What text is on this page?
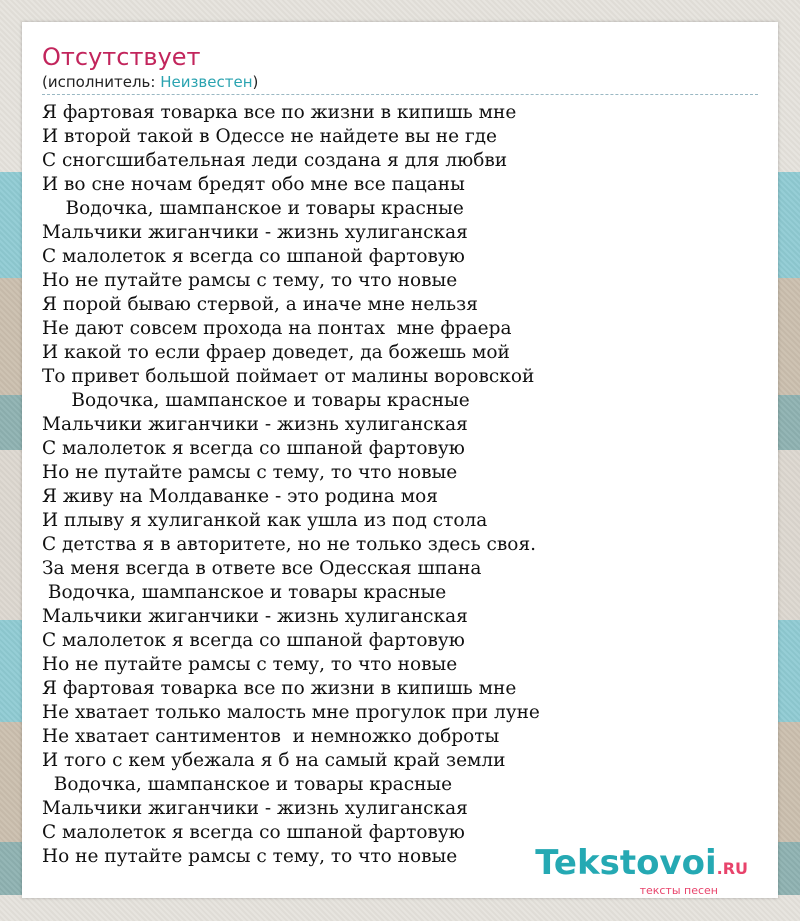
Отсутствует
(исполнитель: Неизвестен)
Я фартовая товарка все по жизни в кипишь мне
И второй такой в Одессе не найдете вы не где
С сногсшибательная леди создана я для любви
И во сне ночам бредят обо мне все пацаны
Водочка, шампанское и товары красные
Мальчики жиганчики - жизнь хулиганская
С малолеток я всегда со шпаной фартовую
Но не путайте рамсы с тему, то что новые
Я порой бываю стервой, а иначе мне нельзя
Не дают совсем прохода на понтах  мне фраера
И какой то если фраер доведет, да божешь мой
То привет большой поймает от малины воровской
Водочка, шампанское и товары красные
Мальчики жиганчики - жизнь хулиганская
С малолеток я всегда со шпаной фартовую
Но не путайте рамсы с тему, то что новые
Я живу на Молдаванке - это родина моя
И плыву я хулиганкой как ушла из под стола
С детства я в авторитете, но не только здесь своя.
За меня всегда в ответе все Одесская шпана
Водочка, шампанское и товары красные
Мальчики жиганчики - жизнь хулиганская
С малолеток я всегда со шпаной фартовую
Но не путайте рамсы с тему, то что новые
Я фартовая товарка все по жизни в кипишь мне
Не хватает только малость мне прогулок при луне
Не хватает сантиментов  и немножко доброты
И того с кем убежала я б на самый край земли
Водочка, шампанское и товары красные
Мальчики жиганчики - жизнь хулиганская
С малолеток я всегда со шпаной фартовую
Но не путайте рамсы с тему, то что новые	Tekstovoi.RU
тексты песен
